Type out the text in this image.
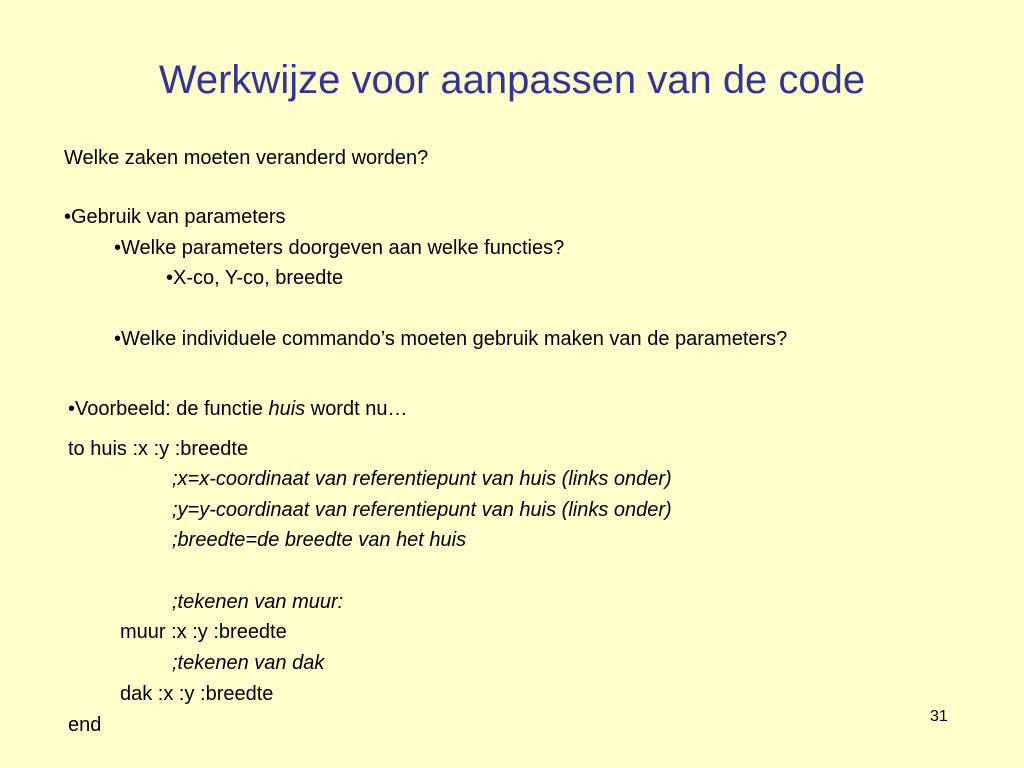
Werkwijze voor aanpassen van de code
Welke zaken moeten veranderd worden?
•Gebruik van parameters
•Welke parameters doorgeven aan welke functies?
•X-co, Y-co, breedte
•Welke individuele commando’s moeten gebruik maken van de parameters?
•Voorbeeld: de functie huis wordt nu…
to huis :x :y :breedte
;x=x-coordinaat van referentiepunt van huis (links onder)
;y=y-coordinaat van referentiepunt van huis (links onder)
;breedte=de breedte van het huis
;tekenen van muur:
muur :x :y :breedte
;tekenen van dak
dak :x :y :breedte
end	31
